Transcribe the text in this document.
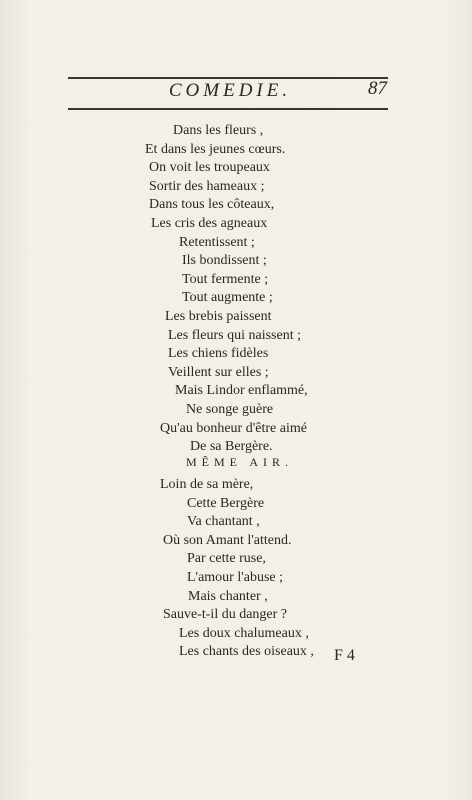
COMEDIE.	87
Dans les fleurs ,
Et dans les jeunes cœurs.
On voit les troupeaux
Sortir des hameaux ;
Dans tous les côteaux,
Les cris des agneaux
Retentissent ;
Ils bondissent ;
Tout fermente ;
Tout augmente ;
Les brebis paissent
Les fleurs qui naissent ;
Les chiens fidèles
Veillent sur elles ;
Mais Lindor enflammé,
Ne songe guère
Qu'au bonheur d'être aimé
De sa Bergère.
MÊME AIR.
Loin de sa mère,
Cette Bergère
Va chantant ,
Où son Amant l'attend.
Par cette ruse,
L'amour l'abuse ;
Mais chanter ,
Sauve-t-il du danger ?
Les doux chalumeaux ,
Les chants des oiseaux , F 4
